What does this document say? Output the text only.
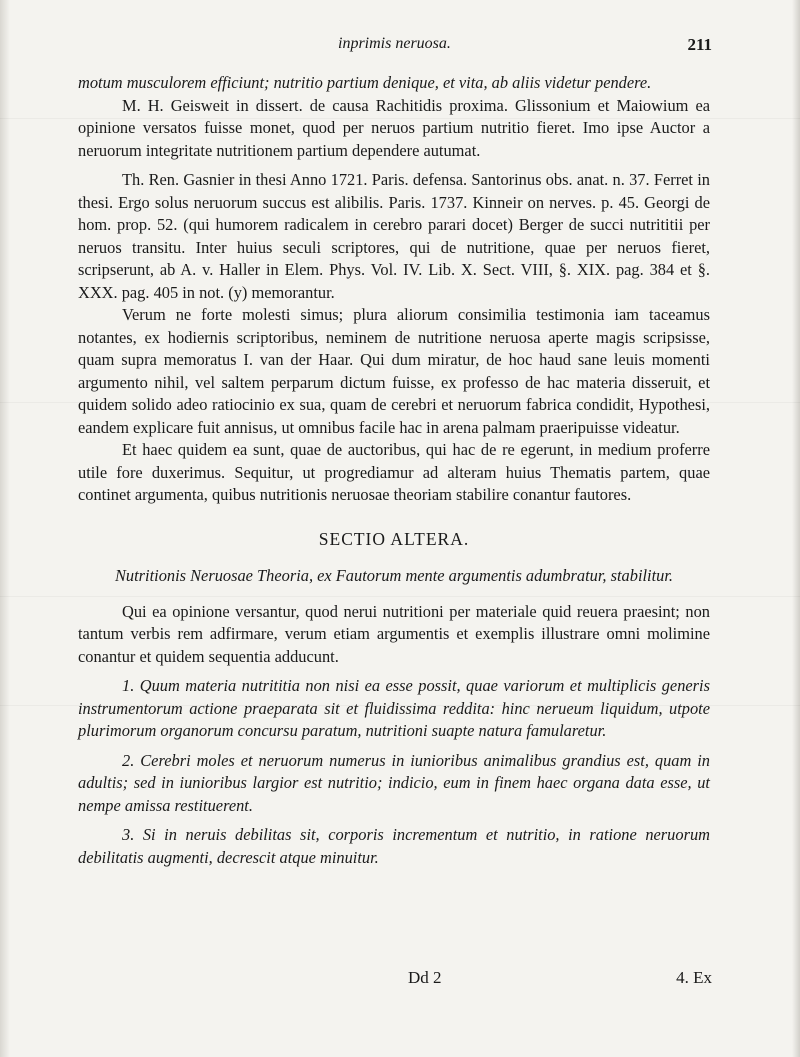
inprimis neruosa.	211

motum musculorem efficiunt; nutritio partium denique, et vita, ab aliis videtur pendere.

M. H. Geisweit in dissert. de causa Rachitidis proxima. Glissonium et Maiowium ea opinione versatos fuisse monet, quod per neruos partium nutritio fieret. Imo ipse Auctor a neruorum integritate nutritionem partium dependere autumat.

Th. Ren. Gasnier in thesi Anno 1721. Paris. defensa. Santorinus obs. anat. n. 37. Ferret in thesi. Ergo solus neruorum succus est alibilis. Paris. 1737. Kinneir on nerves. p. 45. Georgi de hom. prop. 52. (qui humorem radicalem in cerebro parari docet) Berger de succi nutrititii per neruos transitu. Inter huius seculi scriptores, qui de nutritione, quae per neruos fieret, scripserunt, ab A. v. Haller in Elem. Phys. Vol. IV. Lib. X. Sect. VIII, §. XIX. pag. 384 et §. XXX. pag. 405 in not. (y) memorantur.

Verum ne forte molesti simus; plura aliorum consimilia testimonia iam taceamus notantes, ex hodiernis scriptoribus, neminem de nutritione neruosa aperte magis scripsisse, quam supra memoratus I. van der Haar. Qui dum miratur, de hoc haud sane leuis momenti argumento nihil, vel saltem perparum dictum fuisse, ex professo de hac materia disseruit, et quidem solido adeo ratiocinio ex sua, quam de cerebri et neruorum fabrica condidit, Hypothesi, eandem explicare fuit annisus, ut omnibus facile hac in arena palmam praeripuisse videatur.

Et haec quidem ea sunt, quae de auctoribus, qui hac de re egerunt, in medium proferre utile fore duxerimus. Sequitur, ut progrediamur ad alteram huius Thematis partem, quae continet argumenta, quibus nutritionis neruosae theoriam stabilire conantur fautores.

SECTIO ALTERA.
Nutritionis Neruosae Theoria, ex Fautorum mente argumentis adumbratur, stabilitur.

Qui ea opinione versantur, quod nerui nutritioni per materiale quid reuera praesint; non tantum verbis rem adfirmare, verum etiam argumentis et exemplis illustrare omni molimine conantur et quidem sequentia adducunt.

1. Quum materia nutrititia non nisi ea esse possit, quae variorum et multiplicis generis instrumentorum actione praeparata sit et fluidissima reddita: hinc nerueum liquidum, utpote plurimorum organorum concursu paratum, nutritioni suapte natura famularetur.

2. Cerebri moles et neruorum numerus in iunioribus animalibus grandius est, quam in adultis; sed in iunioribus largior est nutritio; indicio, eum in finem haec organa data esse, ut nempe amissa restituerent.

3. Si in neruis debilitas sit, corporis incrementum et nutritio, in ratione neruorum debilitatis augmenti, decrescit atque minuitur.

Dd 2	4. Ex
